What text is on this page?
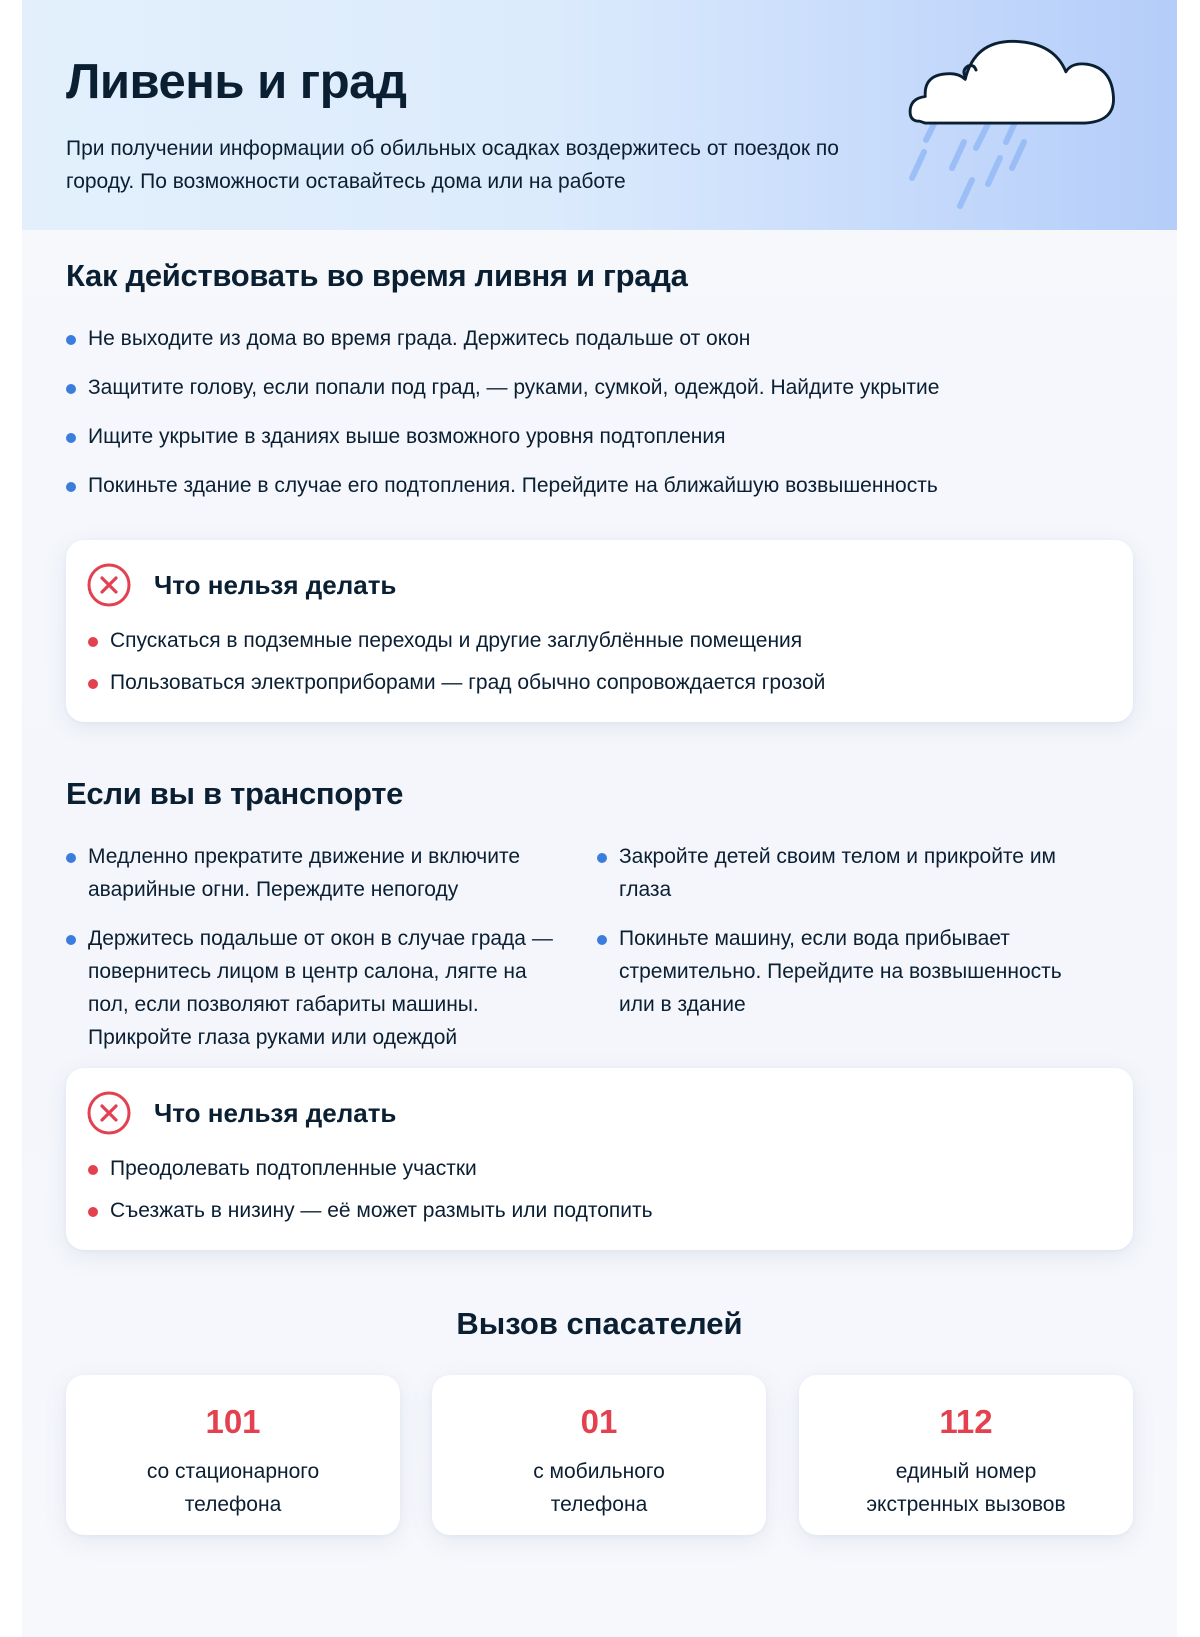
Ливень и град

При получении информации об обильных осадках воздержитесь от поездок по городу. По возможности оставайтесь дома или на работе

Как действовать во время ливня и града
Не выходите из дома во время града. Держитесь подальше от окон
Защитите голову, если попали под град, — руками, сумкой, одеждой. Найдите укрытие
Ищите укрытие в зданиях выше возможного уровня подтопления
Покиньте здание в случае его подтопления. Перейдите на ближайшую возвышенность
Что нельзя делать
Спускаться в подземные переходы и другие заглублённые помещения
Пользоваться электроприборами — град обычно сопровождается грозой
Если вы в транспорте
Медленно прекратите движение и включите аварийные огни. Переждите непогоду
Держитесь подальше от окон в случае града — повернитесь лицом в центр салона, лягте на пол, если позволяют габариты машины. Прикройте глаза руками или одеждой
Закройте детей своим телом и прикройте им глаза
Покиньте машину, если вода прибывает стремительно. Перейдите на возвышенность или в здание
Что нельзя делать
Преодолевать подтопленные участки
Съезжать в низину — её может размыть или подтопить
Вызов спасателей
101
со стационарного телефона
01
с мобильного телефона
112
единый номер экстренных вызовов
